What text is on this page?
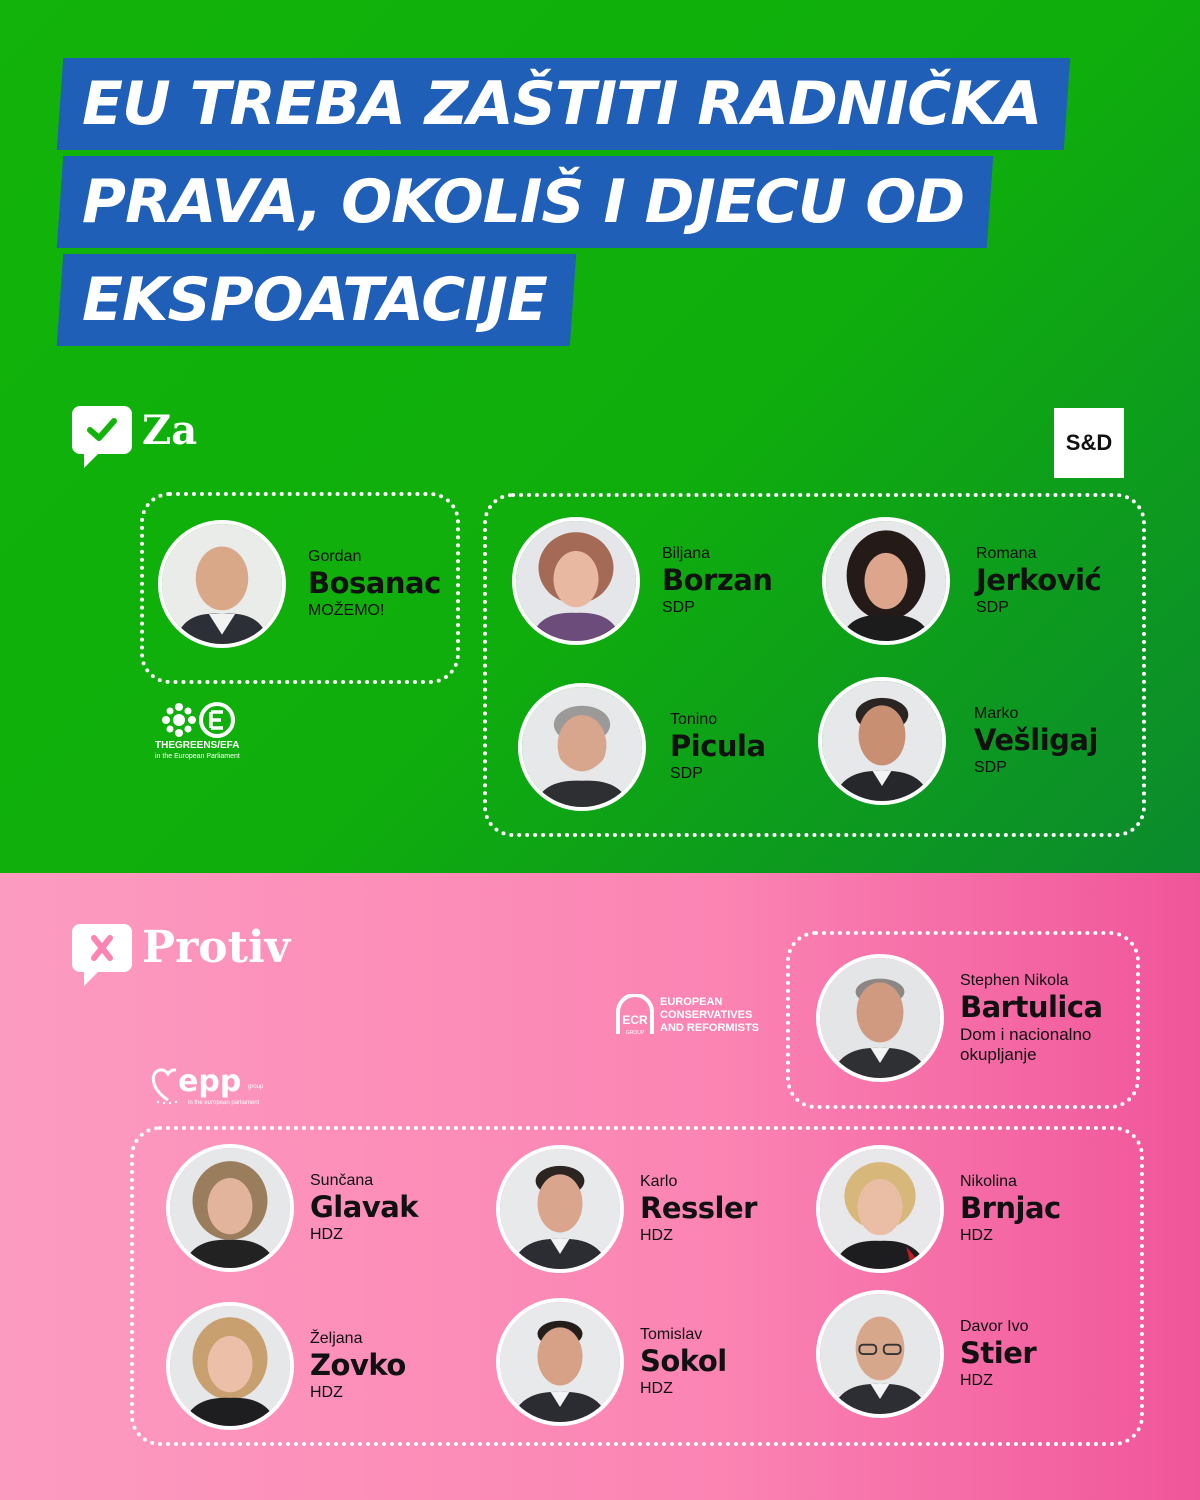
EU TREBA ZAŠTITI RADNIČKA
PRAVA, OKOLIŠ I DJECU OD
EKSPOATACIJE
Za	S&D
Gordan
Bosanac
MOŽEMO!
THEGREENS/EFA
in the European Parliament
Biljana
Borzan
SDP
Romana
Jerković
SDP
Tonino
Picula
SDP
Marko
Vešligaj
SDP
Protiv
ECR
GROUP
EUROPEAN
CONSERVATIVES
AND REFORMISTS
Stephen Nikola
Bartulica
Dom i nacionalno okupljanje
epp group
in the european parliament
Sunčana
Glavak
HDZ
Karlo
Ressler
HDZ
Nikolina
Brnjac
HDZ
Željana
Zovko
HDZ
Tomislav
Sokol
HDZ
Davor Ivo
Stier
HDZ
